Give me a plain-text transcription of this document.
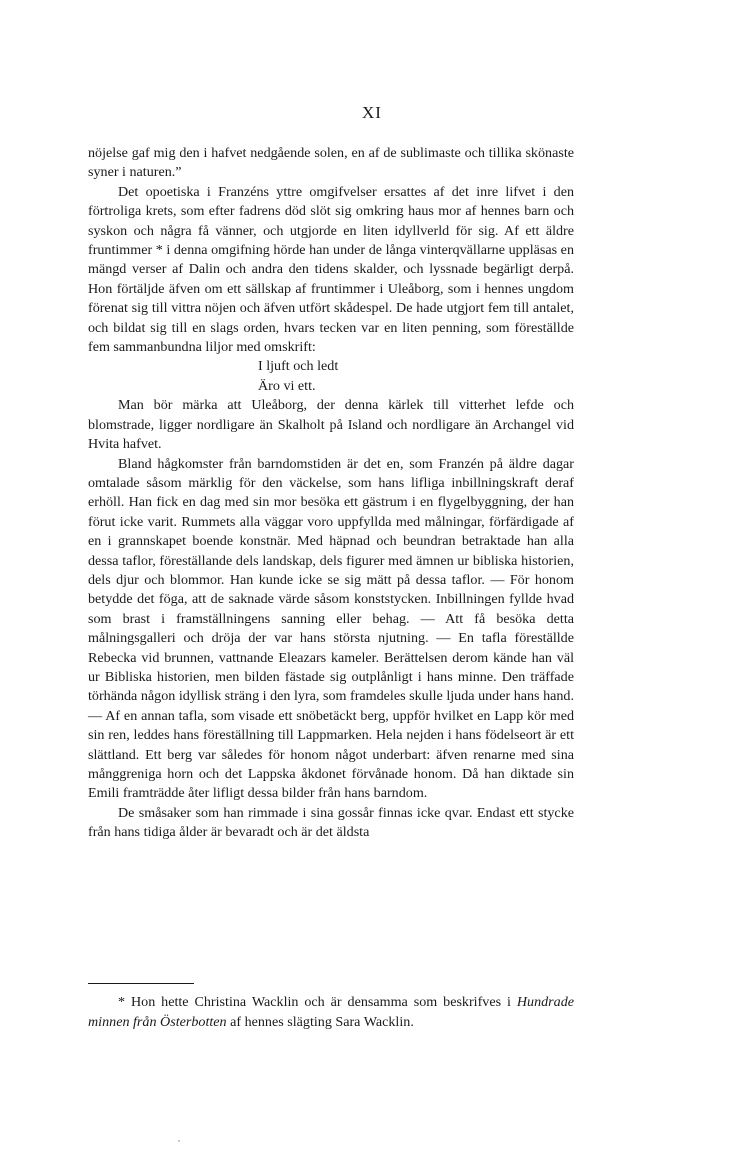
XI

nöjelse gaf mig den i hafvet nedgående solen, en af de sublimaste och tillika skönaste syner i naturen.”

Det opoetiska i Franzéns yttre omgifvelser ersattes af det inre lifvet i den förtroliga krets, som efter fadrens död slöt sig omkring haus mor af hennes barn och syskon och några få vänner, och utgjorde en liten idyllverld för sig. Af ett äldre fruntimmer * i denna omgifning hörde han under de långa vinterqvällarne uppläsas en mängd verser af Dalin och andra den tidens skalder, och lyssnade begärligt derpå. Hon förtäljde äfven om ett sällskap af fruntimmer i Uleåborg, som i hennes ungdom förenat sig till vittra nöjen och äfven utfört skådespel. De hade utgjort fem till antalet, och bildat sig till en slags orden, hvars tecken var en liten penning, som föreställde fem sammanbundna liljor med omskrift:

I ljuft och ledt
Äro vi ett.

Man bör märka att Uleåborg, der denna kärlek till vitterhet lefde och blomstrade, ligger nordligare än Skalholt på Island och nordligare än Archangel vid Hvita hafvet.

Bland hågkomster från barndomstiden är det en, som Franzén på äldre dagar omtalade såsom märklig för den väckelse, som hans lifliga inbillningskraft deraf erhöll. Han fick en dag med sin mor besöka ett gästrum i en flygelbyggning, der han förut icke varit. Rummets alla väggar voro uppfyllda med målningar, förfärdigade af en i grannskapet boende konstnär. Med häpnad och beundran betraktade han alla dessa taflor, föreställande dels landskap, dels figurer med ämnen ur bibliska historien, dels djur och blommor. Han kunde icke se sig mätt på dessa taflor. — För honom betydde det föga, att de saknade värde såsom konststycken. Inbillningen fyllde hvad som brast i framställningens sanning eller behag. — Att få besöka detta målningsgalleri och dröja der var hans största njutning. — En tafla föreställde Rebecka vid brunnen, vattnande Eleazars kameler. Berättelsen derom kände han väl ur Bibliska historien, men bilden fästade sig outplånligt i hans minne. Den träffade törhända någon idyllisk sträng i den lyra, som framdeles skulle ljuda under hans hand. — Af en annan tafla, som visade ett snöbetäckt berg, uppför hvilket en Lapp kör med sin ren, leddes hans föreställning till Lappmarken. Hela nejden i hans födelseort är ett slättland. Ett berg var således för honom något underbart: äfven renarne med sina månggreniga horn och det Lappska åkdonet förvånade honom. Då han diktade sin Emili framträdde åter lifligt dessa bilder från hans barndom.

De småsaker som han rimmade i sina gossår finnas icke qvar. Endast ett stycke från hans tidiga ålder är bevaradt och är det äldsta

* Hon hette Christina Wacklin och är densamma som beskrifves i Hundrade minnen från Österbotten af hennes slägting Sara Wacklin.
